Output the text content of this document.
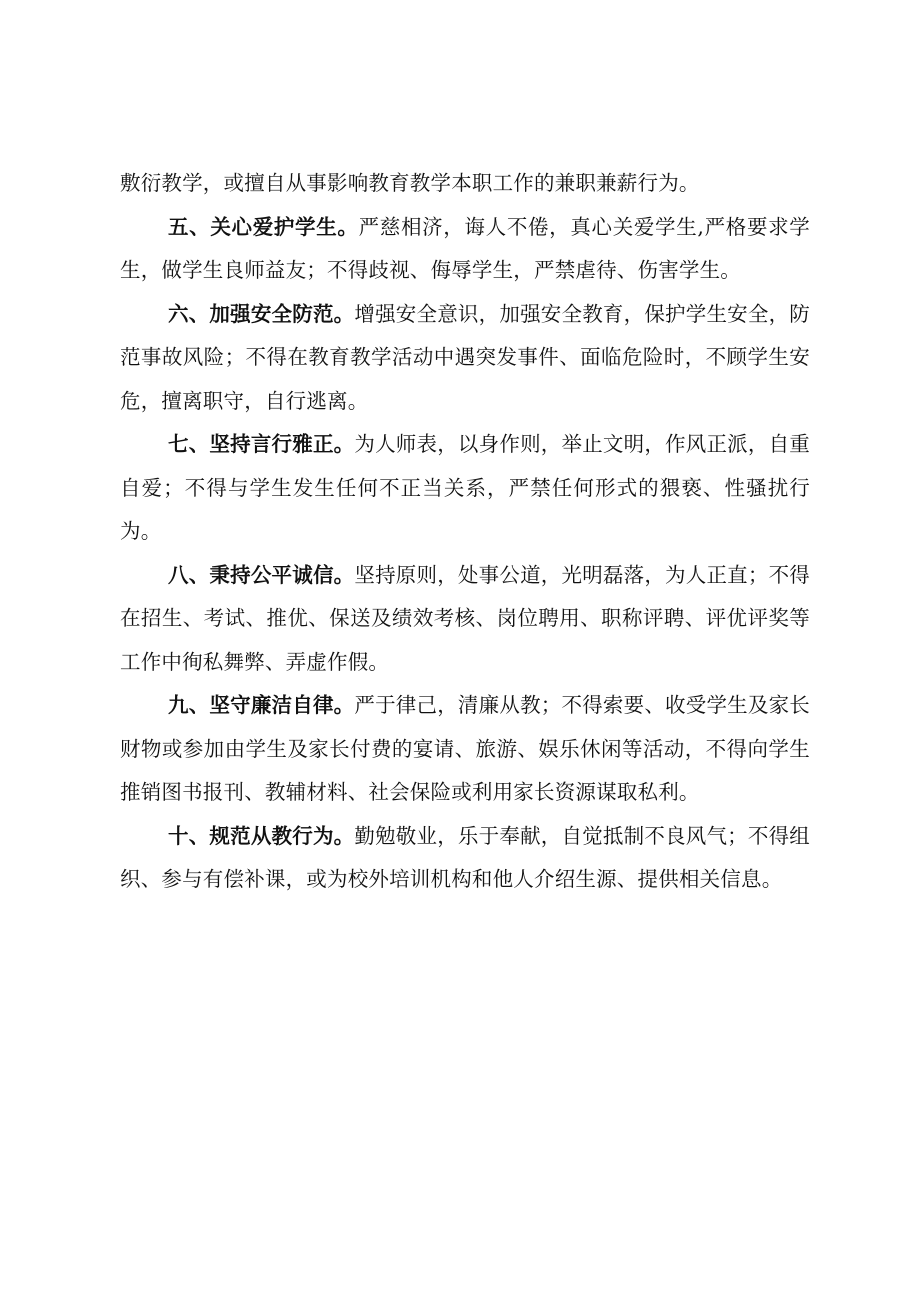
敷衍教学，或擅自从事影响教育教学本职工作的兼职兼薪行为。

五、关心爱护学生。严慈相济，诲人不倦，真心关爱学生,严格要求学生，做学生良师益友；不得歧视、侮辱学生，严禁虐待、伤害学生。

六、加强安全防范。增强安全意识，加强安全教育，保护学生安全，防范事故风险；不得在教育教学活动中遇突发事件、面临危险时，不顾学生安危，擅离职守，自行逃离。

七、坚持言行雅正。为人师表，以身作则，举止文明，作风正派，自重自爱；不得与学生发生任何不正当关系，严禁任何形式的猥亵、性骚扰行为。

八、秉持公平诚信。坚持原则，处事公道，光明磊落，为人正直；不得在招生、考试、推优、保送及绩效考核、岗位聘用、职称评聘、评优评奖等工作中徇私舞弊、弄虚作假。

九、坚守廉洁自律。严于律己，清廉从教；不得索要、收受学生及家长财物或参加由学生及家长付费的宴请、旅游、娱乐休闲等活动，不得向学生推销图书报刊、教辅材料、社会保险或利用家长资源谋取私利。

十、规范从教行为。勤勉敬业，乐于奉献，自觉抵制不良风气；不得组织、参与有偿补课，或为校外培训机构和他人介绍生源、提供相关信息。
